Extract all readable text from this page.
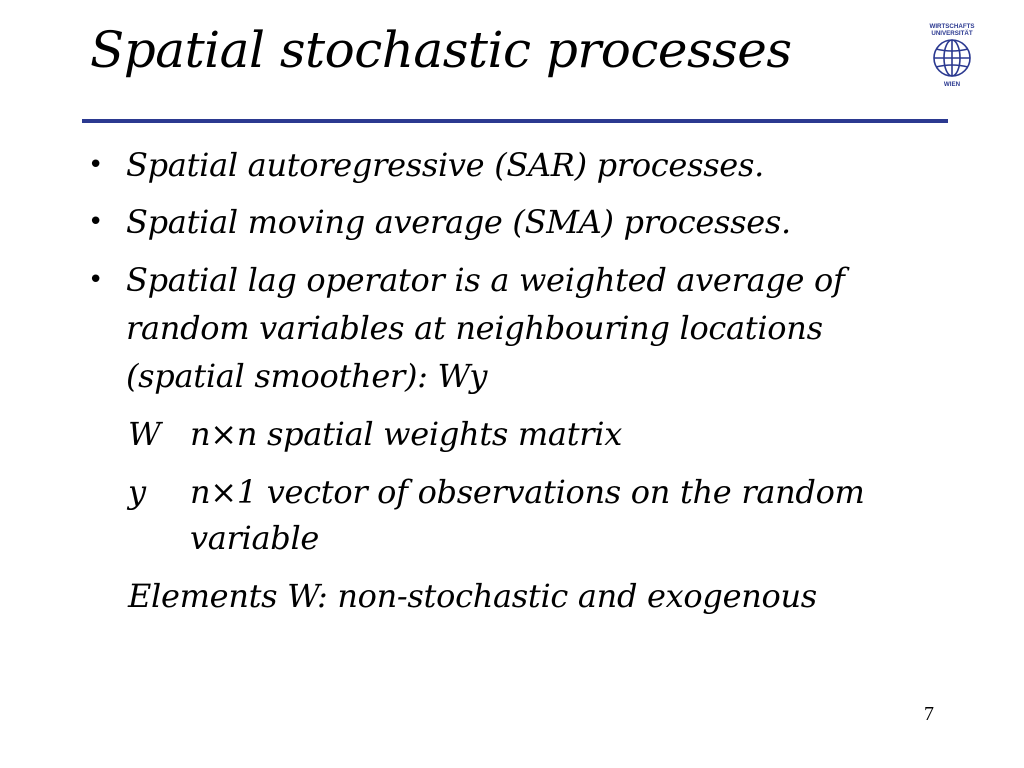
Spatial stochastic processes	WIRTSCHAFTS
UNIVERSITÄT
WIEN
• Spatial autoregressive (SAR) processes.
• Spatial moving average (SMA) processes.
• Spatial lag operator is a weighted average of
random variables at neighbouring locations
(spatial smoother): Wy
W n×n spatial weights matrix
y n×1 vector of observations on the random
variable
Elements W: non-stochastic and exogenous
7
